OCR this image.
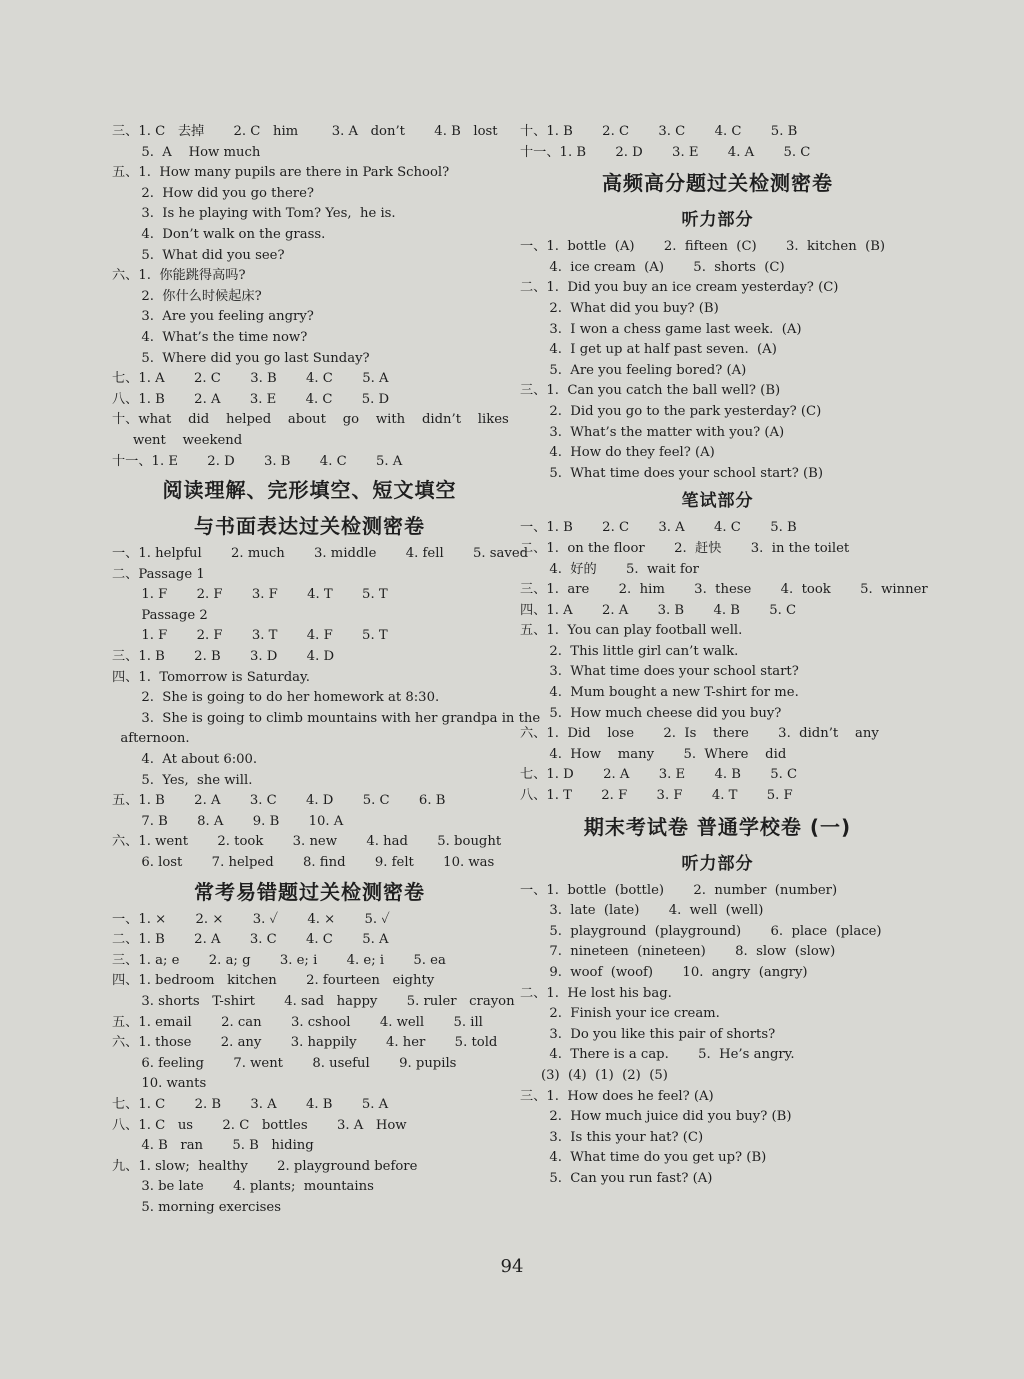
三、1. C   去掉       2. C   him        3. A   don’t       4. B   lost
5.  A    How much
五、1.  How many pupils are there in Park School?
2.  How did you go there?
3.  Is he playing with Tom? Yes,  he is.
4.  Don’t walk on the grass.
5.  What did you see?
六、1.  你能跳得高吗?
2.  你什么时候起床?
3.  Are you feeling angry?
4.  What’s the time now?
5.  Where did you go last Sunday?
七、1. A       2. C       3. B       4. C       5. A
八、1. B       2. A       3. E       4. C       5. D
十、what    did    helped    about    go    with    didn’t    likes
went    weekend
十一、1. E       2. D       3. B       4. C       5. A
阅读理解、完形填空、短文填空
与书面表达过关检测密卷
一、1. helpful       2. much       3. middle       4. fell       5. saved
二、Passage 1
1. F       2. F       3. F       4. T       5. T
Passage 2
1. F       2. F       3. T       4. F       5. T
三、1. B       2. B       3. D       4. D
四、1.  Tomorrow is Saturday.
2.  She is going to do her homework at 8:30.
3.  She is going to climb mountains with her grandpa in the
afternoon.
4.  At about 6:00.
5.  Yes,  she will.
五、1. B       2. A       3. C       4. D       5. C       6. B
7. B       8. A       9. B       10. A
六、1. went       2. took       3. new       4. had       5. bought
6. lost       7. helped       8. find       9. felt       10. was
常考易错题过关检测密卷
一、1. ×       2. ×       3. ✓       4. ×       5. ✓
二、1. B       2. A       3. C       4. C       5. A
三、1. a; e       2. a; g       3. e; i       4. e; i       5. ea
四、1. bedroom   kitchen       2. fourteen   eighty
3. shorts   T-shirt       4. sad   happy       5. ruler   crayon
五、1. email       2. can       3. cshool       4. well       5. ill
六、1. those       2. any       3. happily       4. her       5. told
6. feeling       7. went       8. useful       9. pupils
10. wants
七、1. C       2. B       3. A       4. B       5. A
八、1. C   us       2. C   bottles       3. A   How
4. B   ran       5. B   hiding
九、1. slow;  healthy       2. playground before
3. be late       4. plants;  mountains
5. morning exercises
十、1. B       2. C       3. C       4. C       5. B
十一、1. B       2. D       3. E       4. A       5. C
高频高分题过关检测密卷
听力部分
一、1.  bottle  (A)       2.  fifteen  (C)       3.  kitchen  (B)
4.  ice cream  (A)       5.  shorts  (C)
二、1.  Did you buy an ice cream yesterday? (C)
2.  What did you buy? (B)
3.  I won a chess game last week.  (A)
4.  I get up at half past seven.  (A)
5.  Are you feeling bored? (A)
三、1.  Can you catch the ball well? (B)
2.  Did you go to the park yesterday? (C)
3.  What’s the matter with you? (A)
4.  How do they feel? (A)
5.  What time does your school start? (B)
笔试部分
一、1. B       2. C       3. A       4. C       5. B
二、1.  on the floor       2.  赶快       3.  in the toilet
4.  好的       5.  wait for
三、1.  are       2.  him       3.  these       4.  took       5.  winner
四、1. A       2. A       3. B       4. B       5. C
五、1.  You can play football well.
2.  This little girl can’t walk.
3.  What time does your school start?
4.  Mum bought a new T-shirt for me.
5.  How much cheese did you buy?
六、1.  Did    lose       2.  Is    there       3.  didn’t    any
4.  How    many       5.  Where    did
七、1. D       2. A       3. E       4. B       5. C
八、1. T       2. F       3. F       4. T       5. F
期末考试卷 普通学校卷 (一)
听力部分
一、1.  bottle  (bottle)       2.  number  (number)
3.  late  (late)       4.  well  (well)
5.  playground  (playground)       6.  place  (place)
7.  nineteen  (nineteen)       8.  slow  (slow)
9.  woof  (woof)       10.  angry  (angry)
二、1.  He lost his bag.
2.  Finish your ice cream.
3.  Do you like this pair of shorts?
4.  There is a cap.       5.  He’s angry.
(3)  (4)  (1)  (2)  (5)
三、1.  How does he feel? (A)
2.  How much juice did you buy? (B)
3.  Is this your hat? (C)
4.  What time do you get up? (B)
5.  Can you run fast? (A)
94
